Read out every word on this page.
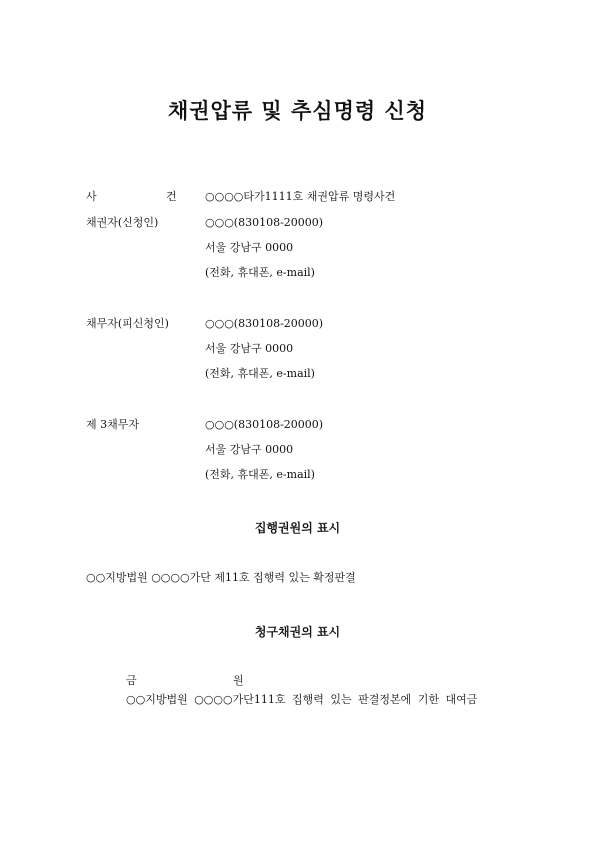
채권압류 및 추심명령 신청
사	건	○○○○타가1111호 채권압류 명령사건
채권자(신청인)	○○○(830108-20000)
서울 강남구 0000
(전화, 휴대폰, e-mail)
채무자(피신청인)	○○○(830108-20000)
서울 강남구 0000
(전화, 휴대폰, e-mail)
제 3채무자	○○○(830108-20000)
서울 강남구 0000
(전화, 휴대폰, e-mail)
집행권원의 표시
○○지방법원 ○○○○가단 제11호 집행력 있는 확정판결
청구채권의 표시
금	원

○○지방법원 ○○○○가단111호 집행력 있는 판결정본에 기한 대여금
